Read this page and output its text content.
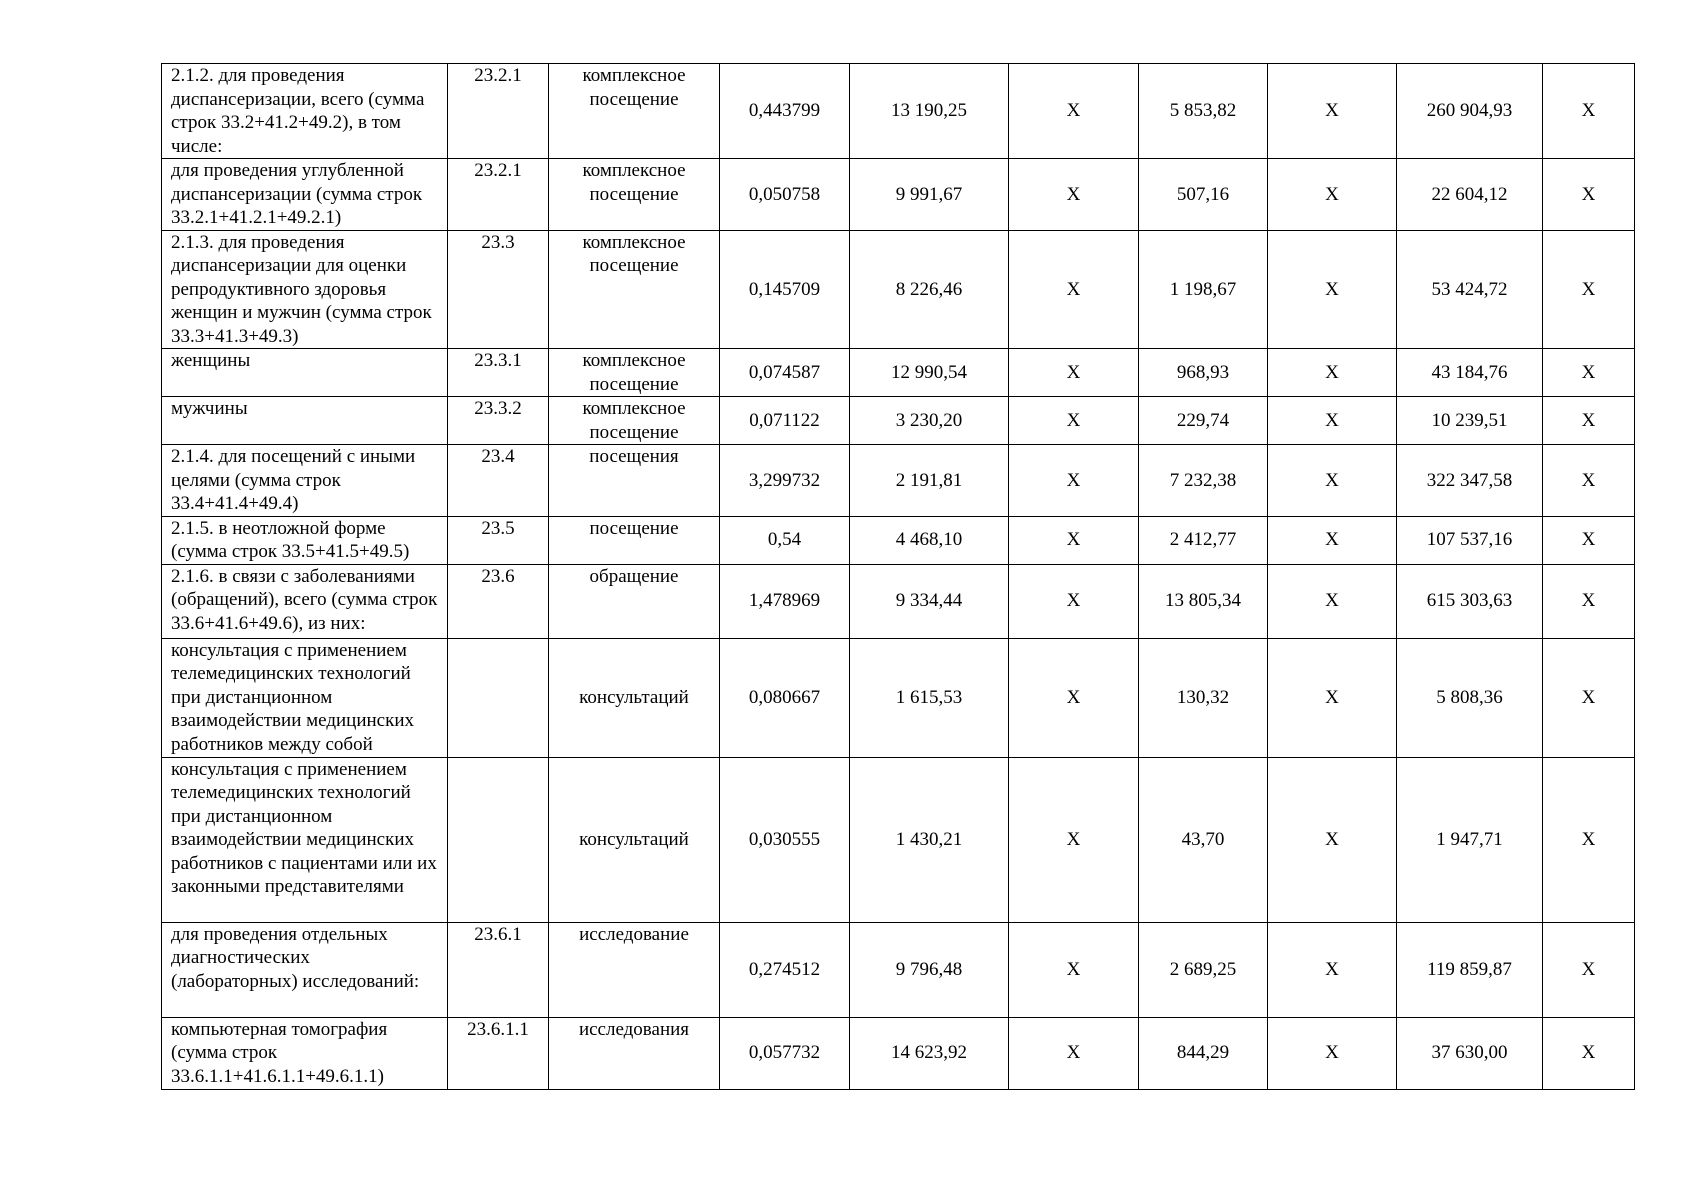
2.1.2. для проведения диспансеризации, всего (сумма строк 33.2+41.2+49.2), в том числе:	23.2.1	комплексное посещение	0,443799	13 190,25	X	5 853,82	X	260 904,93	X
для проведения углубленной диспансеризации (сумма строк 33.2.1+41.2.1+49.2.1)	23.2.1	комплексное посещение	0,050758	9 991,67	X	507,16	X	22 604,12	X
2.1.3. для проведения диспансеризации для оценки репродуктивного здоровья женщин и мужчин (сумма строк 33.3+41.3+49.3)	23.3	комплексное посещение	0,145709	8 226,46	X	1 198,67	X	53 424,72	X
женщины	23.3.1	комплексное посещение	0,074587	12 990,54	X	968,93	X	43 184,76	X
мужчины	23.3.2	комплексное посещение	0,071122	3 230,20	X	229,74	X	10 239,51	X
2.1.4. для посещений с иными целями (сумма строк 33.4+41.4+49.4)	23.4	посещения	3,299732	2 191,81	X	7 232,38	X	322 347,58	X
2.1.5. в неотложной форме (сумма строк 33.5+41.5+49.5)	23.5	посещение	0,54	4 468,10	X	2 412,77	X	107 537,16	X
2.1.6. в связи с заболеваниями (обращений), всего (сумма строк 33.6+41.6+49.6), из них:	23.6	обращение	1,478969	9 334,44	X	13 805,34	X	615 303,63	X
консультация с применением телемедицинских технологий при дистанционном взаимодействии медицинских работников между собой		консультаций	0,080667	1 615,53	X	130,32	X	5 808,36	X
консультация с применением телемедицинских технологий при дистанционном взаимодействии медицинских работников с пациентами или их законными представителями		консультаций	0,030555	1 430,21	X	43,70	X	1 947,71	X
для проведения отдельных диагностических (лабораторных) исследований:	23.6.1	исследование	0,274512	9 796,48	X	2 689,25	X	119 859,87	X
компьютерная томография (сумма строк 33.6.1.1+41.6.1.1+49.6.1.1)	23.6.1.1	исследования	0,057732	14 623,92	X	844,29	X	37 630,00	X
